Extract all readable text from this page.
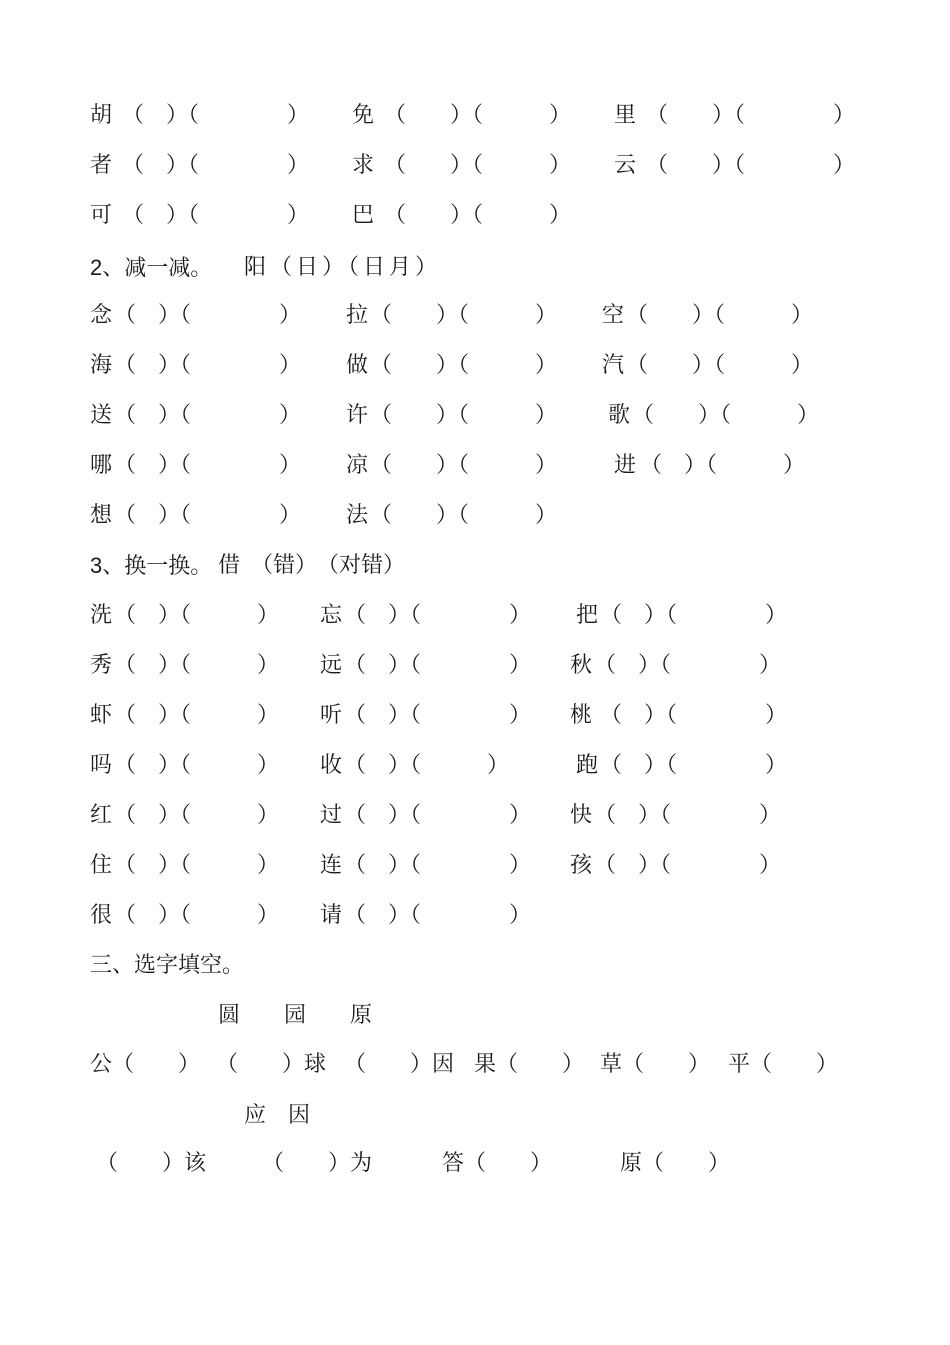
胡 （　）（　　　　） 免 （　　）（　　　） 里 （　　）（　　　　）
者 （　）（　　　　） 求 （　　）（　　　） 云 （　　）（　　　　）
可 （　）（　　　　） 巴 （　　）（　　　）
2、减一减。 阳（日）（日月）
念 （　）（　　　　） 拉 （　　）（　　　） 空 （　　）（　　　）
海 （　）（　　　　） 做 （　　）（　　　） 汽 （　　）（　　　）
送 （　）（　　　　） 许 （　　）（　　　） 歌 （　　）（　　　）
哪 （　）（　　　　） 凉 （　　）（　　　）	进 （　）（　　　）
想 （　）（　　　　） 法 （　　）（　　　）
3、换一换。 借　（错）　（对错）
洗 （　）（　　　） 忘 （　）（　　　　） 把 （　）（　　　　）
秀 （　）（　　　） 远 （　）（　　　　） 秋 （　）（　　　　）
虾 （　）（　　　） 听 （　）（　　　　） 桃 （　）（　　　　）
吗 （　）（　　　） 收 （　）（　　　）	跑 （　）（　　　　）
红 （　）（　　　） 过 （　）（　　　　） 快 （　）（　　　　）
住 （　）（　　　） 连 （　）（　　　　） 孩 （　）（　　　　）
很 （　）（　　　） 请 （　）（　　　　）
三、选字填空。
圆　　园　　原
公（　　） （　　）球 （　　）因 果（　　） 草（　　） 平（　　）
应　因
（　　）该	（　　）为	答（　　）	原（　　）
